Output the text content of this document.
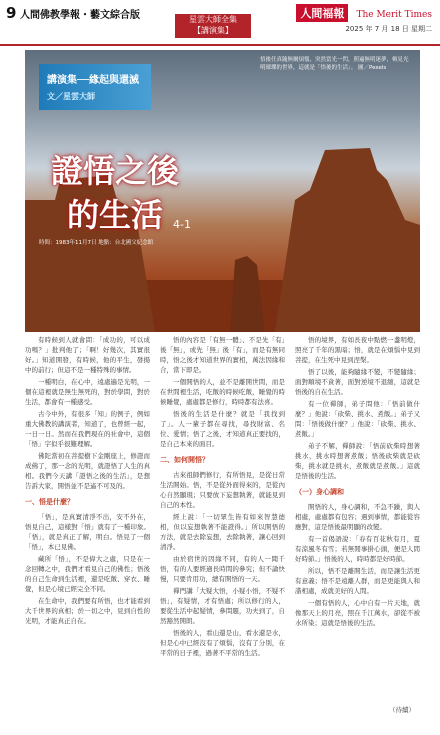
9 人間佛教學報・藝文綜合版	星雲大師全集
【講演集】
人間福報 The Merit Times
2025 年 7 月 18 日 星期二
悟後任真隨無爾煩惱，突然當光一閃，照遍無明迷夢，頓見光明璀璨的世界，這就是「悟後的生活」。 圖／Pexels
講演集──緣起與還滅
文／星雲大師
證悟之後
的生活 4-1
時間：1983年11月7日 地點：台北國父紀念館
有時候到人就會問：「成功的，可以成功嗎？」批判他了；「啊！好幾次，其實很好。」知道開發，有時候，他的平生，發揚中的前行；但這不是一種特殊的事情。
一種明白，在心中，遠處遍是光明，一個在這裡就是無生無死的，對於學問，對於生活，都會有一種感受。
古今中外，有很多「知」的例子，例如重大佛教的講演者，知道了，也曾經一起，一日一日。然而在我們現在的社會中，這個「悟」字似乎很難理解。
佛陀當初在菩提樹下金剛座上，修證而成佛了，那一念的光明，就證悟了人生的真相。我們今天講「證悟之後的生活」，是想告訴大家，開悟並不是遙不可及的。
一、悟是什麼？
「悟」，是真實清淨不出，安不外在，悟見自己，這樣對「悟」就有了一種印象。「悟」，就是真正了解，明白。悟見了一個「悟」，本已見佛。
藏所「悟」，不是偉大之處，只是在一念回轉之中，我們才看見自己的佛性；悟後的自己生命到生活裡，還是吃飯、穿衣、睡覺，但是心境已經完全不同。
在生命中，我們要有所悟，也才能看到大千世界的真相；於一切之中，見到自性的光明，才能真正自在。
悟的內容是「有無一體」、不是先「有」後「無」，或先「無」後「有」，而是有無同時，悟之後才知道世界的實相，萬法因緣和合，當下即是。
一個開悟的人，並不是離開世間，而是在世間裡生活，吃飯的時候吃飯，睡覺的時候睡覺，處處都是修行，時時都有法喜。
悟後的生活是什麼？就是「我找到了」。人一輩子都在尋找，尋找財富、名位、愛情；悟了之後，才知道真正要找的，是自己本來的面目。
二、如何開悟？
古來祖師們修行，有所悟見，是從日常生活開始。悟，不是從外面得來的，是從內心自然顯現；只要放下妄想執著，就能見到自己的本性。
經上說：「一切眾生皆有如來智慧德相，但以妄想執著不能證得。」所以開悟的方法，就是去除妄想，去除執著，讓心回到清淨。
由於宿世的因緣不同，有的人一聞千悟，有的人要經過長時間的參究；但不論快慢，只要肯用功，總有開悟的一天。
禪門講「大疑大悟，小疑小悟，不疑不悟」，有疑情，才有悟處；所以修行的人，要從生活中起疑情，參問題，功夫到了，自然豁然開朗。
悟後的人，看山還是山，看水還是水，但是心中已經沒有了煩惱，沒有了分別，在平常的日子裡，過著不平常的生活。
悟的境界，有如長夜中點燃一盞明燈，照亮了千年的黑暗；悟，就是在煩惱中見到菩提，在生死中見到涅槃。
悟了以後，能夠隨緣不變，不變隨緣；面對順境不貪著，面對逆境不退縮，這就是悟後的自在生活。
有一位禪師，弟子問他：「悟前做什麼？」他說：「砍柴、挑水、煮飯。」弟子又問：「悟後做什麼？」他說：「砍柴、挑水、煮飯。」
弟子不解，禪師說：「悟前砍柴時想著挑水，挑水時想著煮飯；悟後砍柴就是砍柴，挑水就是挑水，煮飯就是煮飯。」這就是悟後的生活。
（一）身心調和
開悟的人，身心調和，不急不躁，與人相處，處處都有包容；遇到事情，都能從容應對，這是悟後最明顯的改變。
有一首偈語說：「春有百花秋有月，夏有涼風冬有雪；若無閒事掛心頭，便是人間好時節。」悟後的人，時時都是好時節。
所以，悟不是離開生活，而是讓生活更有意義；悟不是遠離人群，而是更能與人和諧相處，成就美好的人間。
一個有悟的人，心中自有一片天地，就像那天上的月亮，照在千江萬水，卻從不被水所染；這就是悟後的生活。
（待續）
